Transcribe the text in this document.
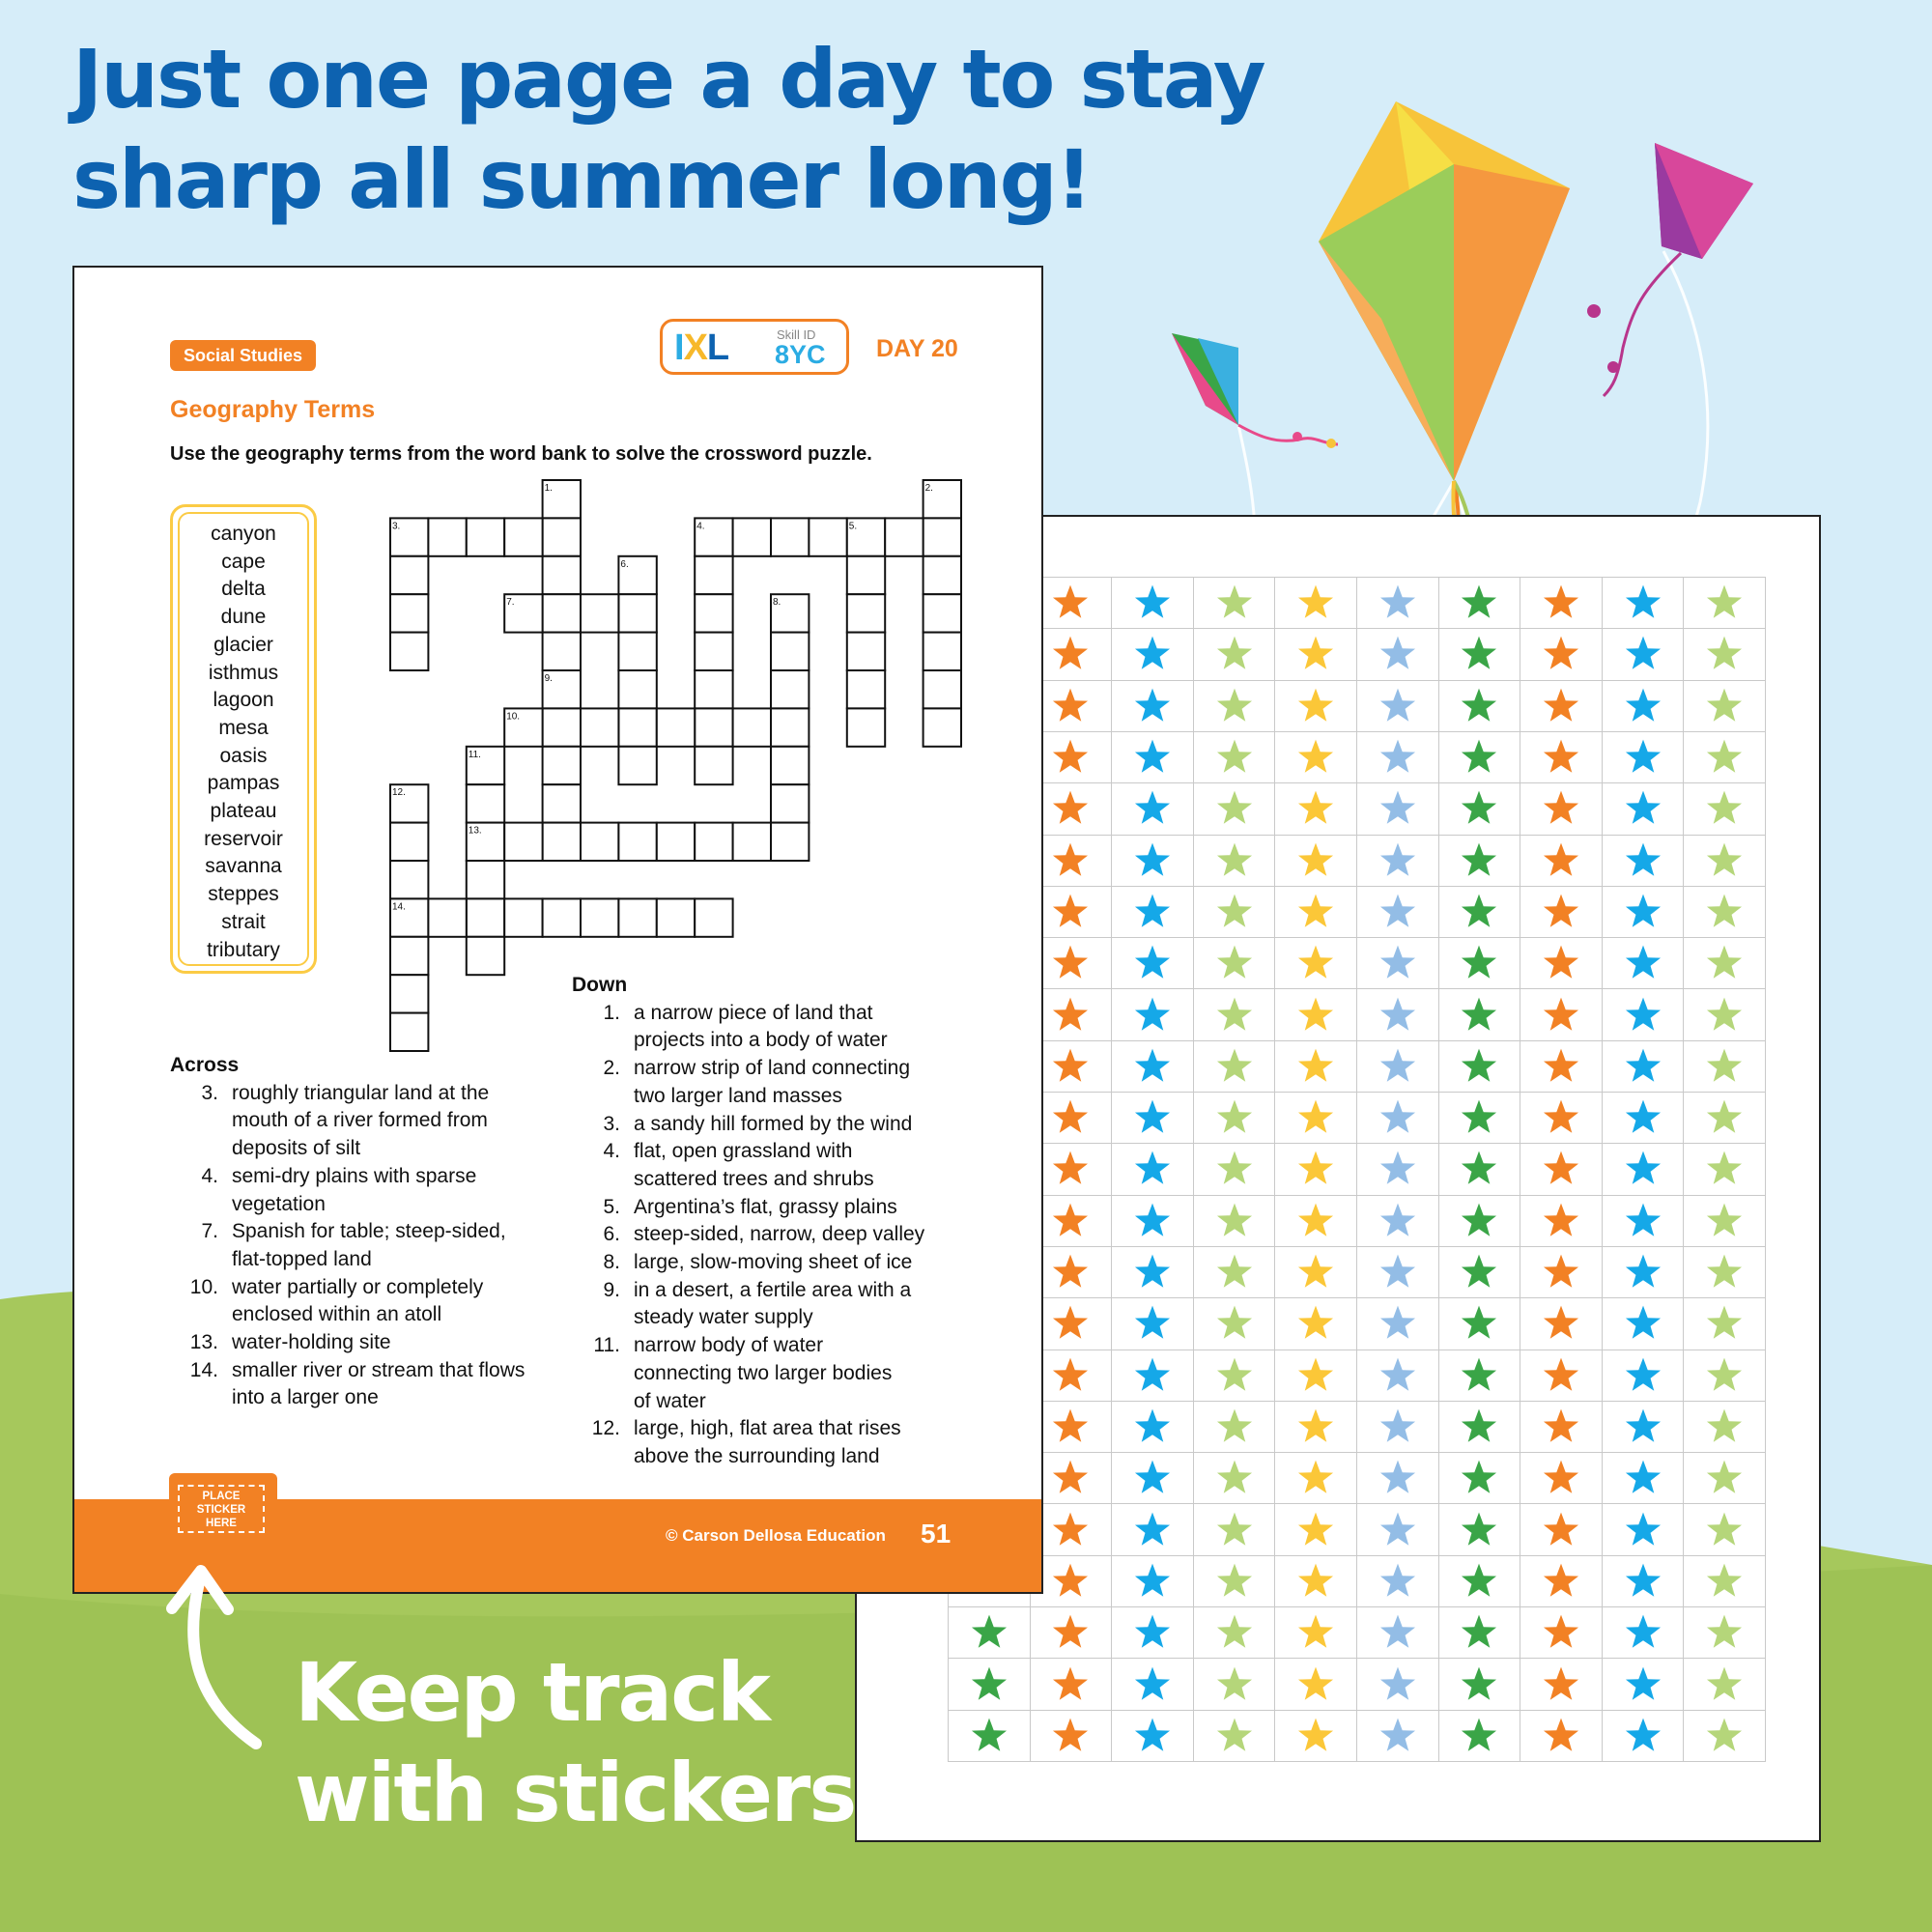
Just one page a day to stay
sharp all summer long!
Social Studies	IXL	Skill ID
8YC DAY 20
Geography Terms
Use the geography terms from the word bank to solve the crossword puzzle.
canyon
cape
delta
dune
glacier
isthmus
lagoon
mesa
oasis
pampas
plateau
reservoir
savanna
steppes
strait
tributary
1.	2.
3.	4.	5.
6.
7.	8.
9.
10.
11.
12.
13.
14.
Down
1. a narrow piece of land that
projects into a body of water
2. narrow strip of land connecting
two larger land masses
3. a sandy hill formed by the wind
4. flat, open grassland with
scattered trees and shrubs
5. Argentina’s flat, grassy plains
6. steep-sided, narrow, deep valley
8. large, slow-moving sheet of ice
9. in a desert, a fertile area with a
steady water supply
11. narrow body of water
connecting two larger bodies
of water
12. large, high, flat area that rises
above the surrounding land
Across
3. roughly triangular land at the
mouth of a river formed from
deposits of silt
4. semi-dry plains with sparse
vegetation
7. Spanish for table; steep-sided,
flat-topped land
10. water partially or completely
enclosed within an atoll
13. water-holding site
14. smaller river or stream that flows
into a larger one
PLACE
STICKER
HERE
© Carson Dellosa Education 51
Keep track
with stickers
